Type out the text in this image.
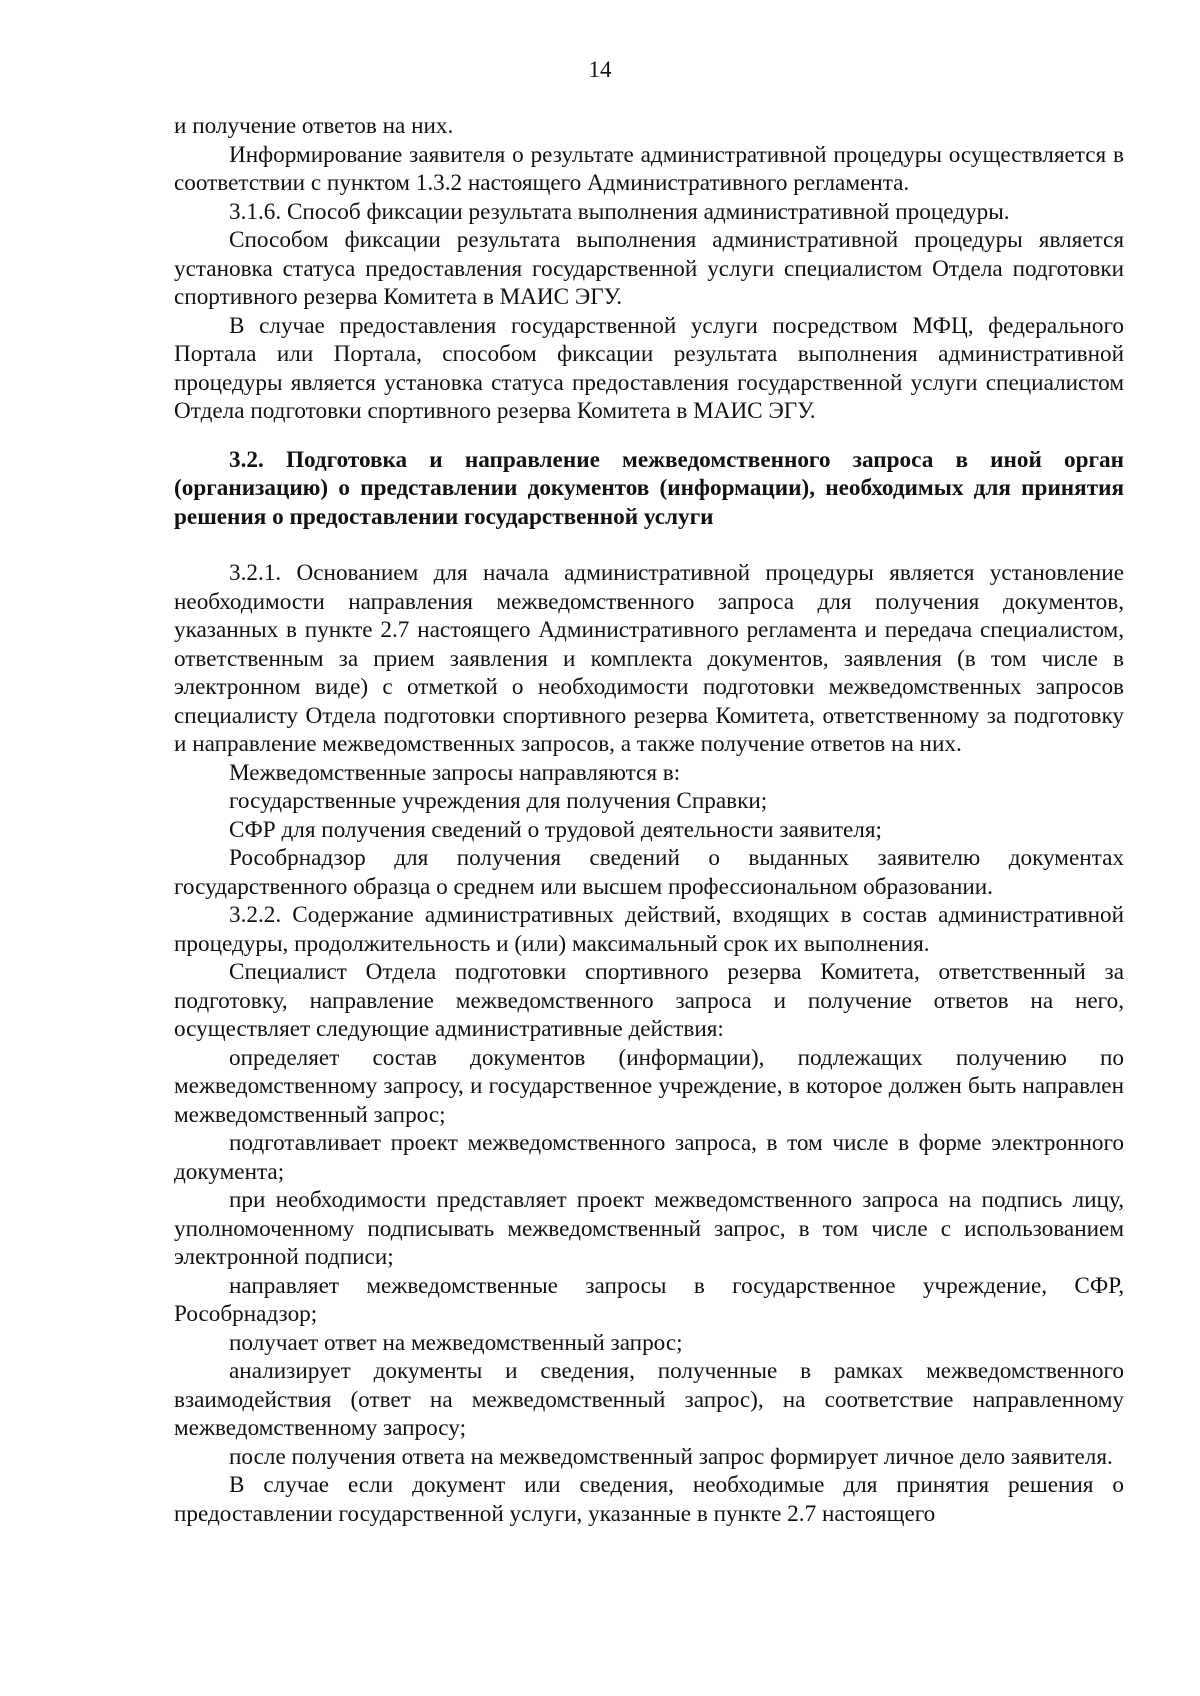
14

и получение ответов на них.

Информирование заявителя о результате административной процедуры осуществляется в соответствии с пунктом 1.3.2 настоящего Административного регламента.

3.1.6. Способ фиксации результата выполнения административной процедуры.

Способом фиксации результата выполнения административной процедуры является установка статуса предоставления государственной услуги специалистом Отдела подготовки спортивного резерва Комитета в МАИС ЭГУ.

В случае предоставления государственной услуги посредством МФЦ, федерального Портала или Портала, способом фиксации результата выполнения административной процедуры является установка статуса предоставления государственной услуги специалистом Отдела подготовки спортивного резерва Комитета в МАИС ЭГУ.

3.2. Подготовка и направление межведомственного запроса в иной орган (организацию) о представлении документов (информации), необходимых для принятия решения о предоставлении государственной услуги

3.2.1. Основанием для начала административной процедуры является установление необходимости направления межведомственного запроса для получения документов, указанных в пункте 2.7 настоящего Административного регламента и передача специалистом, ответственным за прием заявления и комплекта документов, заявления (в том числе в электронном виде) с отметкой о необходимости подготовки межведомственных запросов специалисту Отдела подготовки спортивного резерва Комитета, ответственному за подготовку и направление межведомственных запросов, а также получение ответов на них.

Межведомственные запросы направляются в:

государственные учреждения для получения Справки;

СФР для получения сведений о трудовой деятельности заявителя;

Рособрнадзор для получения сведений о выданных заявителю документах государственного образца о среднем или высшем профессиональном образовании.

3.2.2. Содержание административных действий, входящих в состав административной процедуры, продолжительность и (или) максимальный срок их выполнения.

Специалист Отдела подготовки спортивного резерва Комитета, ответственный за подготовку, направление межведомственного запроса и получение ответов на него, осуществляет следующие административные действия:

определяет состав документов (информации), подлежащих получению по межведомственному запросу, и государственное учреждение, в которое должен быть направлен межведомственный запрос;

подготавливает проект межведомственного запроса, в том числе в форме электронного документа;

при необходимости представляет проект межведомственного запроса на подпись лицу, уполномоченному подписывать межведомственный запрос, в том числе с использованием электронной подписи;

направляет межведомственные запросы в государственное учреждение, СФР, Рособрнадзор;

получает ответ на межведомственный запрос;

анализирует документы и сведения, полученные в рамках межведомственного взаимодействия (ответ на межведомственный запрос), на соответствие направленному межведомственному запросу;

после получения ответа на межведомственный запрос формирует личное дело заявителя.

В случае если документ или сведения, необходимые для принятия решения о предоставлении государственной услуги, указанные в пункте 2.7 настоящего
